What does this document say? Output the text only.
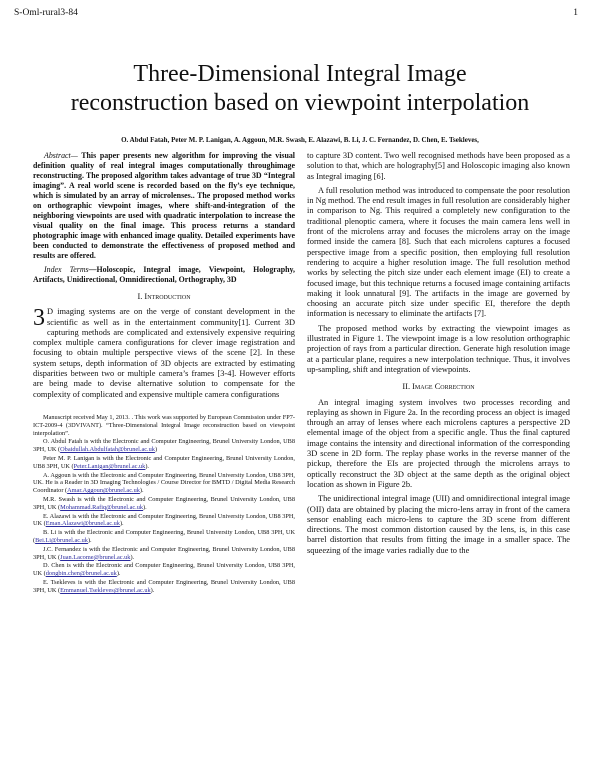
S-Oml-rural3-84	1
Three-Dimensional Integral Image
reconstruction based on viewpoint interpolation
O. Abdul Fatah, Peter M. P. Lanigan, A. Aggoun, M.R. Swash, E. Alazawi, B. Li, J. C. Fernandez, D. Chen, E. Tsekleves,

Abstract— This paper presents new algorithm for improving the visual definition quality of real integral images computationally throughimage reconstructing. The proposed algorithm takes advantage of true 3D “Integral imaging”. A real world scene is recorded based on the fly’s eye technique, which is simulated by an array of microlenses.. The proposed method works on orthographic viewpoint images, where shift-and-integration of the neighboring viewpoints are used with quadratic interpolation to increase the visual quality on the final image. This process returns a standard photographic image with enhanced image quality. Detailed experiments have been conducted to demonstrate the effectiveness of proposed method and results are offered.

Index Terms—Holoscopic, Integral image, Viewpoint, Holography, Artifacts, Unidirectional, Omnidirectional, Orthography, 3D

I. Introduction

3 D imaging systems are on the verge of constant development in the scientific as well as in the entertainment community[1]. Current 3D capturing methods are complicated and extensively expensive requiring complex multiple camera configurations for clever image registration and focusing to obtain multiple perspective views of the scene [2]. In these system setups, depth information of 3D objects are extracted by estimating disparities between two or multiple camera’s frames [3-4]. However efforts are being made to devise alternative solution to compensate for the complexity of complicated and expensive multiple camera configurations

Manuscript received May 1, 2013. . This work was supported by European Commission under FP7-ICT-2009-4 (3DVIVANT). “Three-Dimensional Integral Image reconstruction based on viewpoint interpolation”.

O. Abdul Fatah is with the Electronic and Computer Engineering, Brunel University London, UB8 3PH, UK (Obaidullah.Abdulfatah@brunel.ac.uk)

Peter M. P. Lanigan is with the Electronic and Computer Engineering, Brunel University London, UB8 3PH, UK (Peter.Lanigan@brunel.ac.uk).

A. Aggoun is with the Electronic and Computer Engineering, Brunel University London, UB8 3PH, UK. He is a Reader in 3D Imaging Technologies / Course Director for BMTD / Digital Media Research Coordinator (Amar.Aggoun@brunel.ac.uk).

M.R. Swash is with the Electronic and Computer Engineering, Brunel University London, UB8 3PH, UK (Mohammad.Rafiq@brunel.ac.uk).

E. Alazawi is with the Electronic and Computer Engineering, Brunel University London, UB8 3PH, UK (Eman.Alazawi@brunel.ac.uk).

B. Li is with the Electronic and Computer Engineering, Brunel University London, UB8 3PH, UK (Bei.Li@brunel.ac.uk).

J.C. Fernandez is with the Electronic and Computer Engineering, Brunel University London, UB8 3PH, UK (Juan.Lacome@brunel.ac.uk).

D. Chen is with the Electronic and Computer Engineering, Brunel University London, UB8 3PH, UK (dongbin.chen@brunel.ac.uk).

E. Tsekleves is with the Electronic and Computer Engineering, Brunel University London, UB8 3PH, UK (Emmanuel.Tsekleves@brunel.ac.uk).

to capture 3D content. Two well recognised methods have been proposed as a solution to that, which are holography[5] and Holoscopic imaging also known as Integral imaging [6].

A full resolution method was introduced to compensate the poor resolution in Ng method. The end result images in full resolution are considerably higher in comparison to Ng. This required a completely new configuration to the traditional plenoptic camera, where it focuses the main camera lens well in front of the microlens array and focuses the microlens array on the image formed inside the camera [8]. Such that each microlens captures a focused perspective image from a specific position, then employing full resolution rendering to acquire a higher resolution image. The full resolution method works by selecting the pitch size under each element image (EI) to create a focused image, but this technique returns a focused image containing artifacts making it look unnatural [9]. The artifacts in the image are governed by choosing an accurate pitch size under specific EI, therefore the depth information is necessary to eliminate the artifacts [7].

The proposed method works by extracting the viewpoint images as illustrated in Figure 1. The viewpoint image is a low resolution orthographic projection of rays from a particular direction. Generate high resolution image at a particular plane, requires a new interpolation technique. Thus, it involves up-sampling, shift and integration of viewpoints.

II. Image Correction

An integral imaging system involves two processes recording and replaying as shown in Figure 2a. In the recording process an object is imaged through an array of lenses where each microlens captures a perspective 2D elemental image of the object from a specific angle. Thus the final captured image contains the intensity and directional information of the corresponding 3D scene in 2D form. The replay phase works in the reverse manner of the pickup, therefore the EIs are projected through the microlens arrays to optically reconstruct the 3D object at the same depth as the original object location as shown in Figure 2b.

The unidirectional integral image (UII) and omnidirectional integral image (OII) data are obtained by placing the micro-lens array in front of the camera sensor enabling each micro-lens to capture the 3D scene from different directions. The most common distortion caused by the lens, is, in this case barrel distortion that results from fitting the image in a smaller space. The squeezing of the image varies radially due to the
